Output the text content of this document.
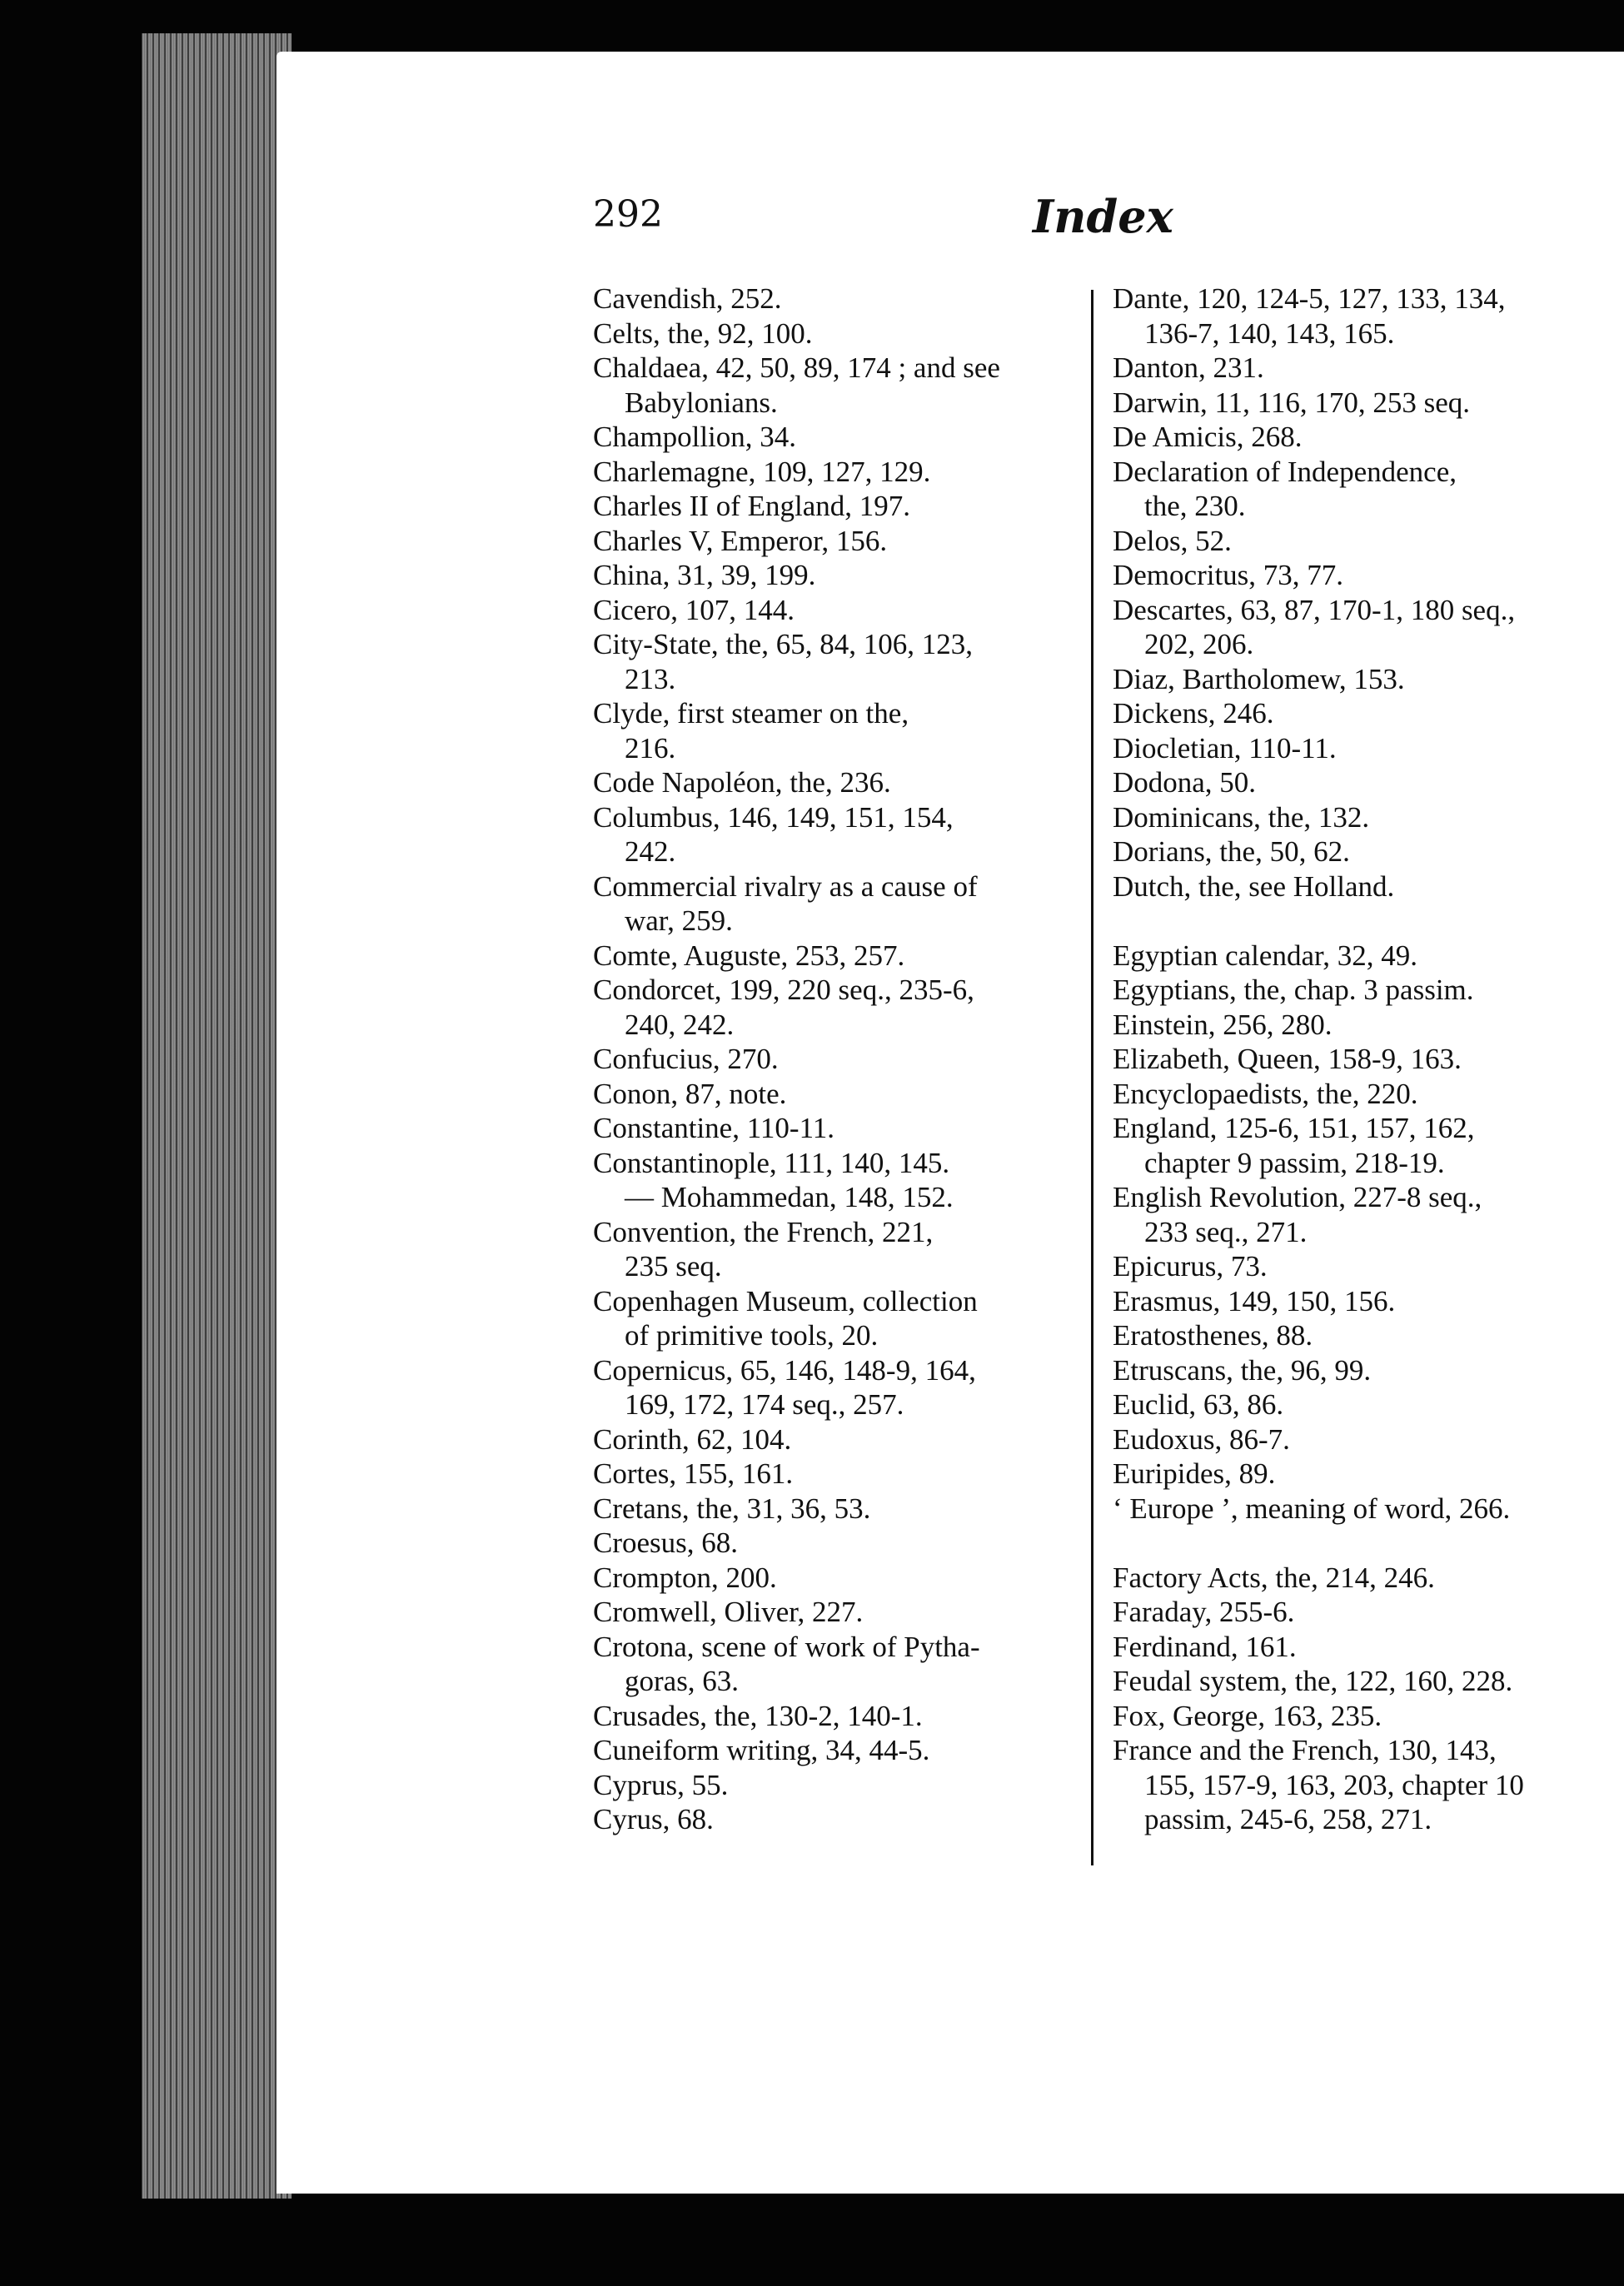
292	Index
Cavendish, 252.
Celts, the, 92, 100.
Chaldaea, 42, 50, 89, 174 ; and see
Babylonians.
Champollion, 34.
Charlemagne, 109, 127, 129.
Charles II of England, 197.
Charles V, Emperor, 156.
China, 31, 39, 199.
Cicero, 107, 144.
City-State, the, 65, 84, 106, 123,
213.
Clyde, first steamer on the,
216.
Code Napoléon, the, 236.
Columbus, 146, 149, 151, 154,
242.
Commercial rivalry as a cause of
war, 259.
Comte, Auguste, 253, 257.
Condorcet, 199, 220 seq., 235-6,
240, 242.
Confucius, 270.
Conon, 87, note.
Constantine, 110-11.
Constantinople, 111, 140, 145.
— Mohammedan, 148, 152.
Convention, the French, 221,
235 seq.
Copenhagen Museum, collection
of primitive tools, 20.
Copernicus, 65, 146, 148-9, 164,
169, 172, 174 seq., 257.
Corinth, 62, 104.
Cortes, 155, 161.
Cretans, the, 31, 36, 53.
Croesus, 68.
Crompton, 200.
Cromwell, Oliver, 227.
Crotona, scene of work of Pytha-
goras, 63.
Crusades, the, 130-2, 140-1.
Cuneiform writing, 34, 44-5.
Cyprus, 55.
Cyrus, 68.
Dante, 120, 124-5, 127, 133, 134,
136-7, 140, 143, 165.
Danton, 231.
Darwin, 11, 116, 170, 253 seq.
De Amicis, 268.
Declaration of Independence,
the, 230.
Delos, 52.
Democritus, 73, 77.
Descartes, 63, 87, 170-1, 180 seq.,
202, 206.
Diaz, Bartholomew, 153.
Dickens, 246.
Diocletian, 110-11.
Dodona, 50.
Dominicans, the, 132.
Dorians, the, 50, 62.
Dutch, the, see Holland.
Egyptian calendar, 32, 49.
Egyptians, the, chap. 3 passim.
Einstein, 256, 280.
Elizabeth, Queen, 158-9, 163.
Encyclopaedists, the, 220.
England, 125-6, 151, 157, 162,
chapter 9 passim, 218-19.
English Revolution, 227-8 seq.,
233 seq., 271.
Epicurus, 73.
Erasmus, 149, 150, 156.
Eratosthenes, 88.
Etruscans, the, 96, 99.
Euclid, 63, 86.
Eudoxus, 86-7.
Euripides, 89.
‘ Europe ’, meaning of word, 266.
Factory Acts, the, 214, 246.
Faraday, 255-6.
Ferdinand, 161.
Feudal system, the, 122, 160, 228.
Fox, George, 163, 235.
France and the French, 130, 143,
155, 157-9, 163, 203, chapter 10
passim, 245-6, 258, 271.
